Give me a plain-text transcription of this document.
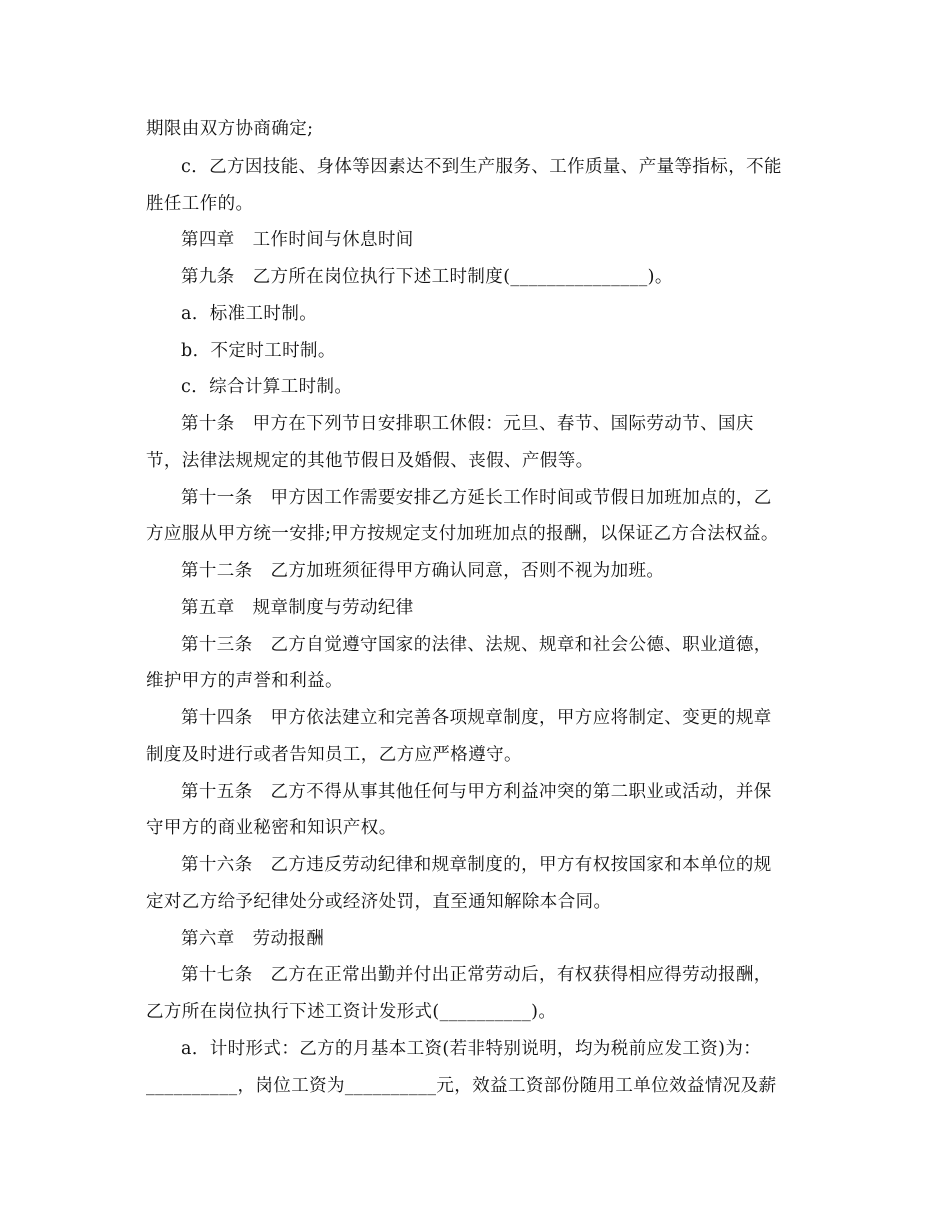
期限由双方协商确定;
c．乙方因技能、身体等因素达不到生产服务、工作质量、产量等指标，不能
胜任工作的。
第四章　工作时间与休息时间
第九条　乙方所在岗位执行下述工时制度(_______________)。
a．标准工时制。
b．不定时工时制。
c．综合计算工时制。
第十条　甲方在下列节日安排职工休假：元旦、春节、国际劳动节、国庆
节，法律法规规定的其他节假日及婚假、丧假、产假等。
第十一条　甲方因工作需要安排乙方延长工作时间或节假日加班加点的，乙
方应服从甲方统一安排;甲方按规定支付加班加点的报酬，以保证乙方合法权益。
第十二条　乙方加班须征得甲方确认同意，否则不视为加班。
第五章　规章制度与劳动纪律
第十三条　乙方自觉遵守国家的法律、法规、规章和社会公德、职业道德，
维护甲方的声誉和利益。
第十四条　甲方依法建立和完善各项规章制度，甲方应将制定、变更的规章
制度及时进行或者告知员工，乙方应严格遵守。
第十五条　乙方不得从事其他任何与甲方利益冲突的第二职业或活动，并保
守甲方的商业秘密和知识产权。
第十六条　乙方违反劳动纪律和规章制度的，甲方有权按国家和本单位的规
定对乙方给予纪律处分或经济处罚，直至通知解除本合同。
第六章　劳动报酬
第十七条　乙方在正常出勤并付出正常劳动后，有权获得相应得劳动报酬，
乙方所在岗位执行下述工资计发形式(__________)。
a．计时形式：乙方的月基本工资(若非特别说明，均为税前应发工资)为：
__________，岗位工资为__________元，效益工资部份随用工单位效益情况及薪
